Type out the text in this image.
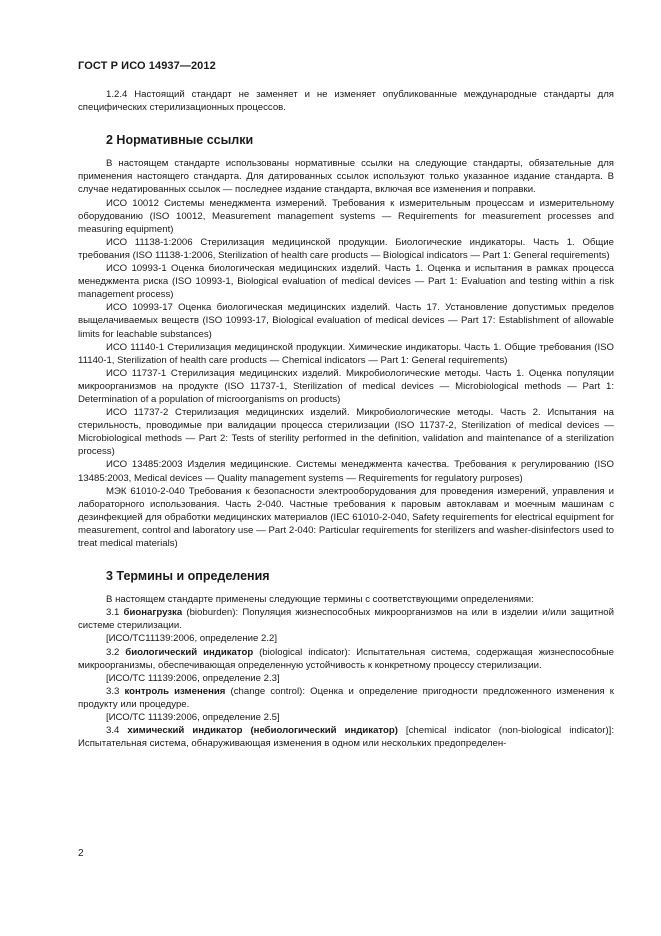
ГОСТ Р ИСО 14937—2012

1.2.4 Настоящий стандарт не заменяет и не изменяет опубликованные международные стандарты для специфических стерилизационных процессов.

2 Нормативные ссылки

В настоящем стандарте использованы нормативные ссылки на следующие стандарты, обязательные для применения настоящего стандарта. Для датированных ссылок используют только указанное издание стандарта. В случае недатированных ссылок — последнее издание стандарта, включая все изменения и поправки.

ИСО 10012 Системы менеджмента измерений. Требования к измерительным процессам и измерительному оборудованию (ISO 10012, Measurement management systems — Requirements for measurement processes and measuring equipment)

ИСО 11138-1:2006 Стерилизация медицинской продукции. Биологические индикаторы. Часть 1. Общие требования (ISO 11138-1:2006, Sterilization of health care products — Biological indicators — Part 1: General requirements)

ИСО 10993-1 Оценка биологическая медицинских изделий. Часть 1. Оценка и испытания в рамках процесса менеджмента риска (ISO 10993-1, Biological evaluation of medical devices — Part 1: Evaluation and testing within a risk management process)

ИСО 10993-17 Оценка биологическая медицинских изделий. Часть 17. Установление допустимых пределов выщелачиваемых веществ (ISO 10993-17, Biological evaluation of medical devices — Part 17: Establishment of allowable limits for leachable substances)

ИСО 11140-1 Стерилизация медицинской продукции. Химические индикаторы. Часть 1. Общие требования (ISO 11140-1, Sterilization of health care products — Chemical indicators — Part 1: General requirements)

ИСО 11737-1 Стерилизация медицинских изделий. Микробиологические методы. Часть 1. Оценка популяции микроорганизмов на продукте (ISO 11737-1, Sterilization of medical devices — Microbiological methods — Part 1: Determination of a population of microorganisms on products)

ИСО 11737-2 Стерилизация медицинских изделий. Микробиологические методы. Часть 2. Испытания на стерильность, проводимые при валидации процесса стерилизации (ISO 11737-2, Sterilization of medical devices — Microbiological methods — Part 2: Tests of sterility performed in the definition, validation and maintenance of a sterilization process)

ИСО 13485:2003 Изделия медицинские. Системы менеджмента качества. Требования к регулированию (ISO 13485:2003, Medical devices — Quality management systems — Requirements for regulatory purposes)

МЭК 61010-2-040 Требования к безопасности электрооборудования для проведения измерений, управления и лабораторного использования. Часть 2-040. Частные требования к паровым автоклавам и моечным машинам с дезинфекцией для обработки медицинских материалов (IEC 61010-2-040, Safety requirements for electrical equipment for measurement, control and laboratory use — Part 2-040: Particular requirements for sterilizers and washer-disinfectors used to treat medical materials)

3 Термины и определения

В настоящем стандарте применены следующие термины с соответствующими определениями:

3.1 бионагрузка (bioburden): Популяция жизнеспособных микроорганизмов на или в изделии и/или защитной системе стерилизации.

[ИСО/ТС11139:2006, определение 2.2]

3.2 биологический индикатор (biological indicator): Испытательная система, содержащая жизнеспособные микроорганизмы, обеспечивающая определенную устойчивость к конкретному процессу стерилизации.

[ИСО/ТС 11139:2006, определение 2.3]

3.3 контроль изменения (change control): Оценка и определение пригодности предложенного изменения к продукту или процедуре.

[ИСО/ТС 11139:2006, определение 2.5]

3.4 химический индикатор (небиологический индикатор) [chemical indicator (non-biological indicator)]: Испытательная система, обнаруживающая изменения в одном или нескольких предопределен-

2
